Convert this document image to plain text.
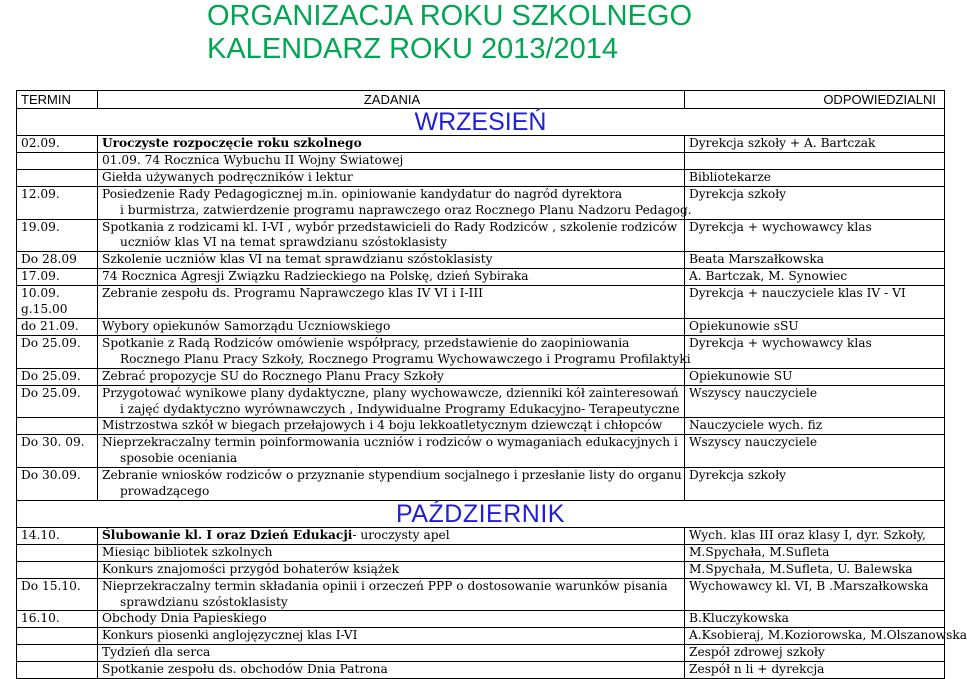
ORGANIZACJA ROKU SZKOLNEGO
KALENDARZ ROKU 2013/2014
TERMIN	ZADANIA	ODPOWIEDZIALNI
WRZESIEŃ		
02.09.	Uroczyste rozpoczęcie roku szkolnego	Dyrekcja szkoły + A. Bartczak
	01.09. 74 Rocznica Wybuchu II Wojny Światowej	
	Giełda używanych podręczników i lektur	Bibliotekarze
12.09.	Posiedzenie Rady Pedagogicznej m.in. opiniowanie kandydatur do nagród dyrektora
i burmistrza, zatwierdzenie programu naprawczego oraz Rocznego Planu Nadzoru Pedagog.	Dyrekcja szkoły
19.09.	Spotkania z rodzicami kl. I-VI , wybór przedstawicieli do Rady Rodziców , szkolenie rodziców
uczniów klas VI na temat sprawdzianu szóstoklasisty	Dyrekcja + wychowawcy klas
Do 28.09	Szkolenie uczniów klas VI na temat sprawdzianu szóstoklasisty	Beata Marszałkowska
17.09.	74 Rocznica Agresji Związku Radzieckiego na Polskę, dzień Sybiraka	A. Bartczak, M. Synowiec
10.09.
g.15.00	Zebranie zespołu ds. Programu Naprawczego klas IV VI i I-III	Dyrekcja + nauczyciele klas IV - VI
do 21.09.	Wybory opiekunów Samorządu Uczniowskiego	Opiekunowie sSU
Do 25.09.	Spotkanie z Radą Rodziców omówienie współpracy, przedstawienie do zaopiniowania
Rocznego Planu Pracy Szkoły, Rocznego Programu Wychowawczego i Programu Profilaktyki	Dyrekcja + wychowawcy klas
Do 25.09.	Zebrać propozycje SU do Rocznego Planu Pracy Szkoły	Opiekunowie SU
Do 25.09.	Przygotować wynikowe plany dydaktyczne, plany wychowawcze, dzienniki kół zainteresowań
i zajęć dydaktyczno wyrównawczych , Indywidualne Programy Edukacyjno- Terapeutyczne	Wszyscy nauczyciele
	Mistrzostwa szkół w biegach przełajowych i 4 boju lekkoatletycznym dziewcząt i chłopców	Nauczyciele wych. fiz
Do 30. 09.	Nieprzekraczalny termin poinformowania uczniów i rodziców o wymaganiach edukacyjnych i
sposobie oceniania	Wszyscy nauczyciele
Do 30.09.	Zebranie wniosków rodziców o przyznanie stypendium socjalnego i przesłanie listy do organu
prowadzącego	Dyrekcja szkoły
PAŹDZIERNIK		
14.10.	Ślubowanie kl. I oraz Dzień Edukacji- uroczysty apel	Wych. klas III oraz klasy I, dyr. Szkoły,
	Miesiąc bibliotek szkolnych	M.Spychała, M.Sufleta
	Konkurs znajomości przygód bohaterów książek	M.Spychała, M.Sufleta, U. Balewska
Do 15.10.	Nieprzekraczalny termin składania opinii i orzeczeń PPP o dostosowanie warunków pisania
sprawdzianu szóstoklasisty	Wychowawcy kl. VI, B .Marszałkowska
16.10.	Obchody Dnia Papieskiego	B.Kluczykowska
	Konkurs piosenki anglojęzycznej klas I-VI	A.Ksobieraj, M.Koziorowska, M.Olszanowska
	Tydzień dla serca	Zespół zdrowej szkoły
	Spotkanie zespołu ds. obchodów Dnia Patrona	Zespół n li + dyrekcja
